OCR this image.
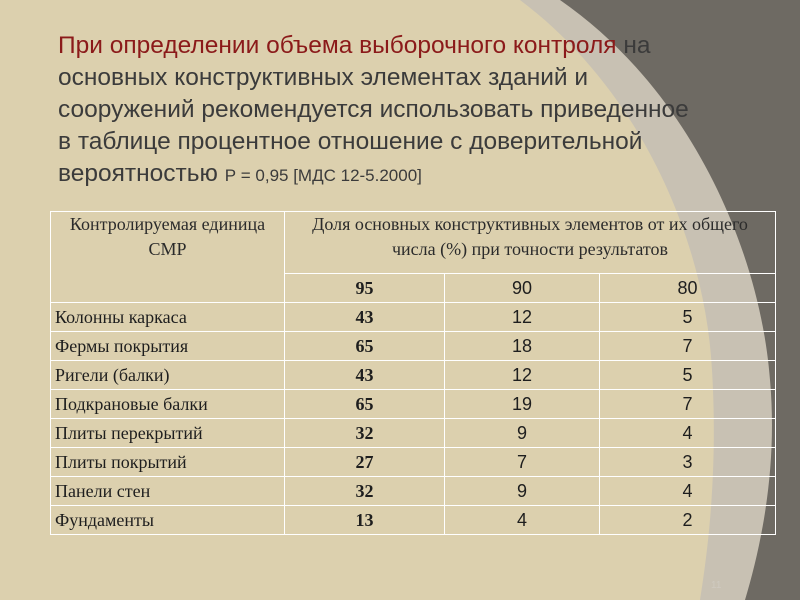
При определении объема выборочного контроля на
основных конструктивных элементах зданий и
сооружений рекомендуется использовать приведенное
в таблице процентное отношение с доверительной
вероятностью Р = 0,95 [МДС 12-5.2000]
Контролируемая единица СМР	Доля основных конструктивных элементов от их общего числа (%) при точности результатов		
	95	90	80
Колонны каркаса	43	12	5
Фермы покрытия	65	18	7
Ригели (балки)	43	12	5
Подкрановые балки	65	19	7
Плиты перекрытий	32	9	4
Плиты покрытий	27	7	3
Панели стен	32	9	4
Фундаменты	13	4	2
11
